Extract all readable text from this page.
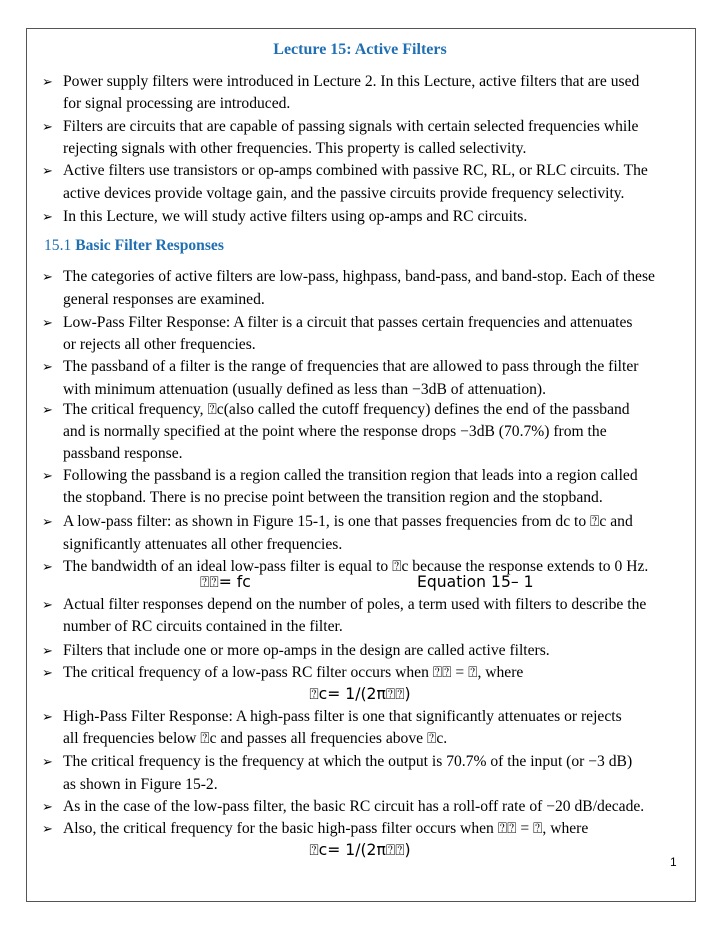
Lecture 15: Active Filters
15.1 Basic Filter Responses
➢ Power supply filters were introduced in Lecture 2. In this Lecture, active filters that are used
for signal processing are introduced.
➢ Filters are circuits that are capable of passing signals with certain selected frequencies while
rejecting signals with other frequencies. This property is called selectivity.
➢ Active filters use transistors or op-amps combined with passive RC, RL, or RLC circuits. The
active devices provide voltage gain, and the passive circuits provide frequency selectivity.
➢ In this Lecture, we will study active filters using op-amps and RC circuits.
➢ The categories of active filters are low-pass, highpass, band-pass, and band-stop. Each of these
general responses are examined.
➢ Low-Pass Filter Response: A filter is a circuit that passes certain frequencies and attenuates
or rejects all other frequencies.
➢ The passband of a filter is the range of frequencies that are allowed to pass through the filter
with minimum attenuation (usually defined as less than −3dB of attenuation).
➢ The critical frequency, ⍰c(also called the cutoff frequency) defines the end of the passband
and is normally specified at the point where the response drops −3dB (70.7%) from the
passband response.
➢ Following the passband is a region called the transition region that leads into a region called
the stopband. There is no precise point between the transition region and the stopband.
➢ A low-pass filter: as shown in Figure 15-1, is one that passes frequencies from dc to ⍰c and
significantly attenuates all other frequencies.
➢ The bandwidth of an ideal low-pass filter is equal to ⍰c because the response extends to 0 Hz.
➢ Actual filter responses depend on the number of poles, a term used with filters to describe the
number of RC circuits contained in the filter.
➢ Filters that include one or more op-amps in the design are called active filters.
➢ The critical frequency of a low-pass RC filter occurs when ⍰⍰ = ⍰, where
➢ High-Pass Filter Response: A high-pass filter is one that significantly attenuates or rejects
all frequencies below ⍰c and passes all frequencies above ⍰c.
➢ The critical frequency is the frequency at which the output is 70.7% of the input (or −3 dB)
as shown in Figure 15-2.
➢ As in the case of the low-pass filter, the basic RC circuit has a roll-off rate of −20 dB/decade.
➢ Also, the critical frequency for the basic high-pass filter occurs when ⍰⍰ = ⍰, where
⍰⍰= fc	Equation 15– 1
⍰c= 1/(2π⍰⍰)
⍰c= 1/(2π⍰⍰)
1
